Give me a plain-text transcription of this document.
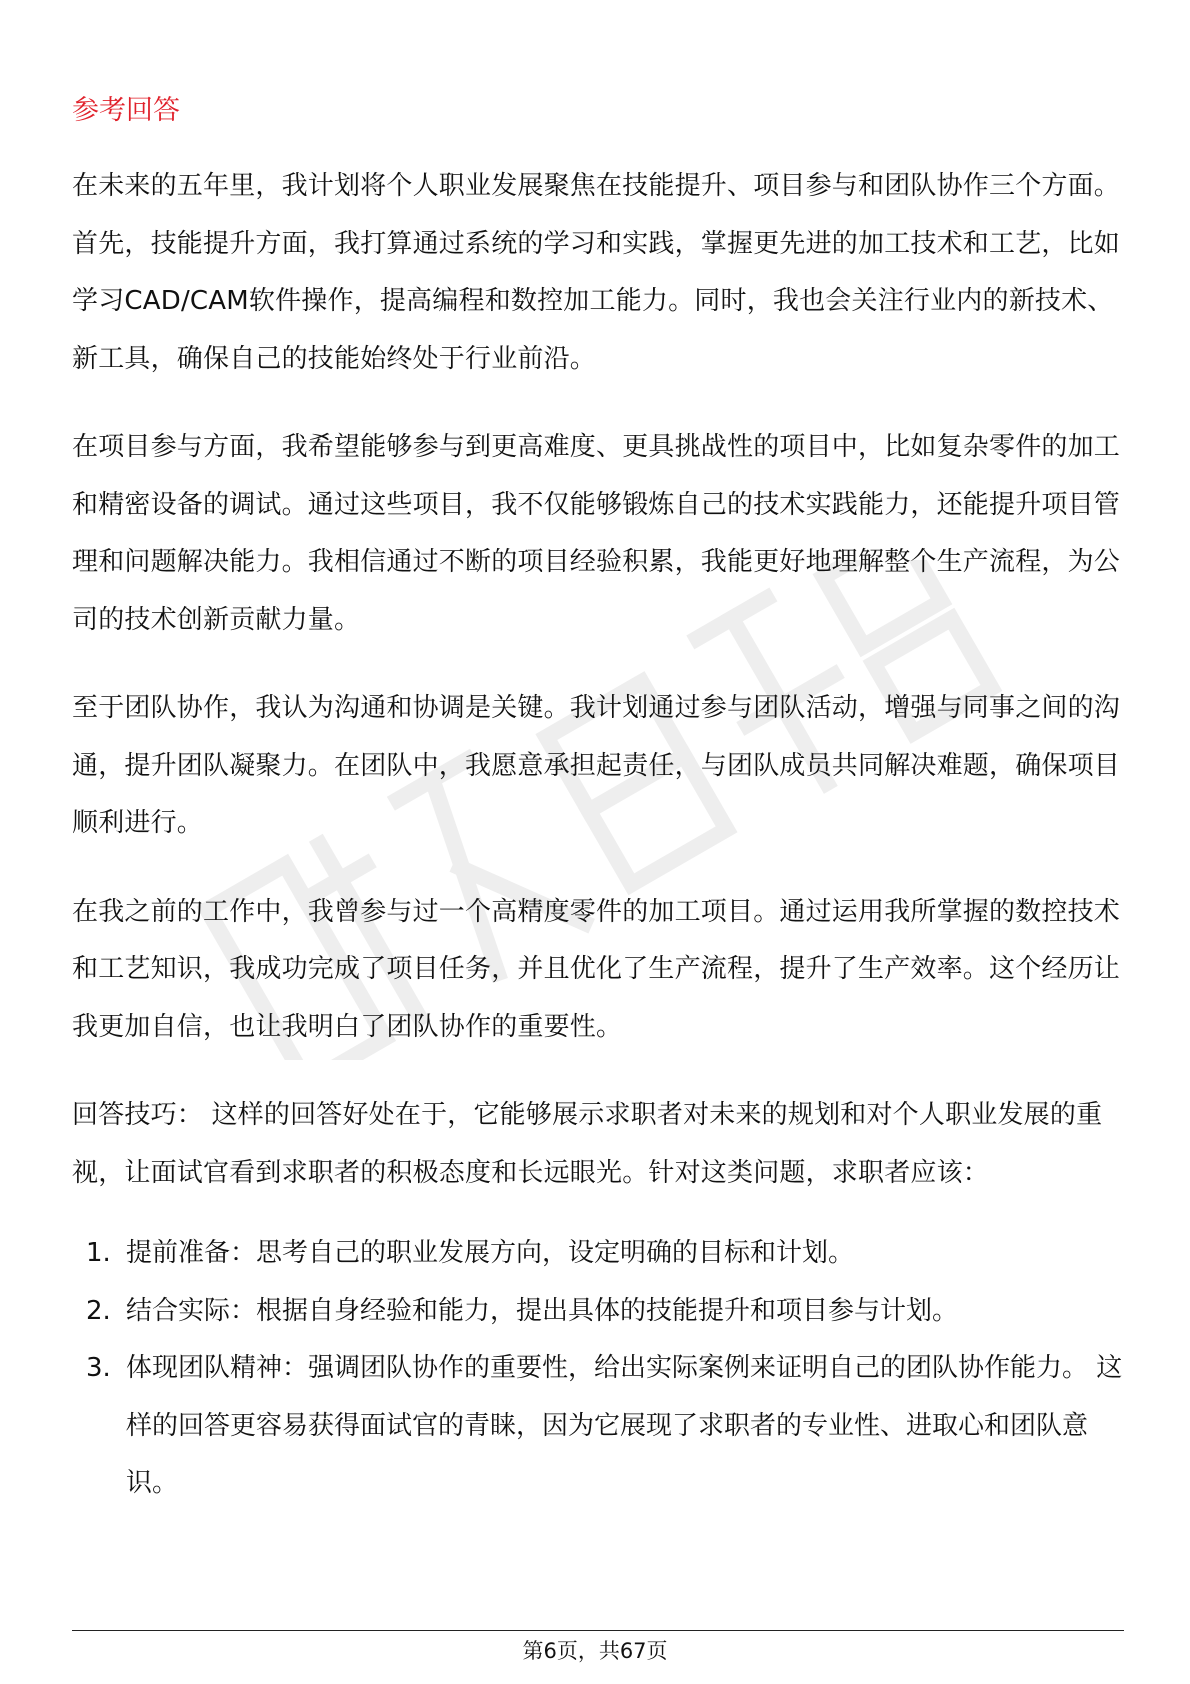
参考回答

在未来的五年里，我计划将个人职业发展聚焦在技能提升、项目参与和团队协作三个方面。首先，技能提升方面，我打算通过系统的学习和实践，掌握更先进的加工技术和工艺，比如学习CAD/CAM软件操作，提高编程和数控加工能力。同时，我也会关注行业内的新技术、新工具，确保自己的技能始终处于行业前沿。

在项目参与方面，我希望能够参与到更高难度、更具挑战性的项目中，比如复杂零件的加工和精密设备的调试。通过这些项目，我不仅能够锻炼自己的技术实践能力，还能提升项目管理和问题解决能力。我相信通过不断的项目经验积累，我能更好地理解整个生产流程，为公司的技术创新贡献力量。

至于团队协作，我认为沟通和协调是关键。我计划通过参与团队活动，增强与同事之间的沟通，提升团队凝聚力。在团队中，我愿意承担起责任，与团队成员共同解决难题，确保项目顺利进行。

在我之前的工作中，我曾参与过一个高精度零件的加工项目。通过运用我所掌握的数控技术和工艺知识，我成功完成了项目任务，并且优化了生产流程，提升了生产效率。这个经历让我更加自信，也让我明白了团队协作的重要性。

回答技巧： 这样的回答好处在于，它能够展示求职者对未来的规划和对个人职业发展的重视，让面试官看到求职者的积极态度和长远眼光。针对这类问题，求职者应该：

1. 提前准备：思考自己的职业发展方向，设定明确的目标和计划。
2. 结合实际：根据自身经验和能力，提出具体的技能提升和项目参与计划。
3. 体现团队精神：强调团队协作的重要性，给出实际案例来证明自己的团队协作能力。 这样的回答更容易获得面试官的青睐，因为它展现了求职者的专业性、进取心和团队意识。
第6页，共67页
